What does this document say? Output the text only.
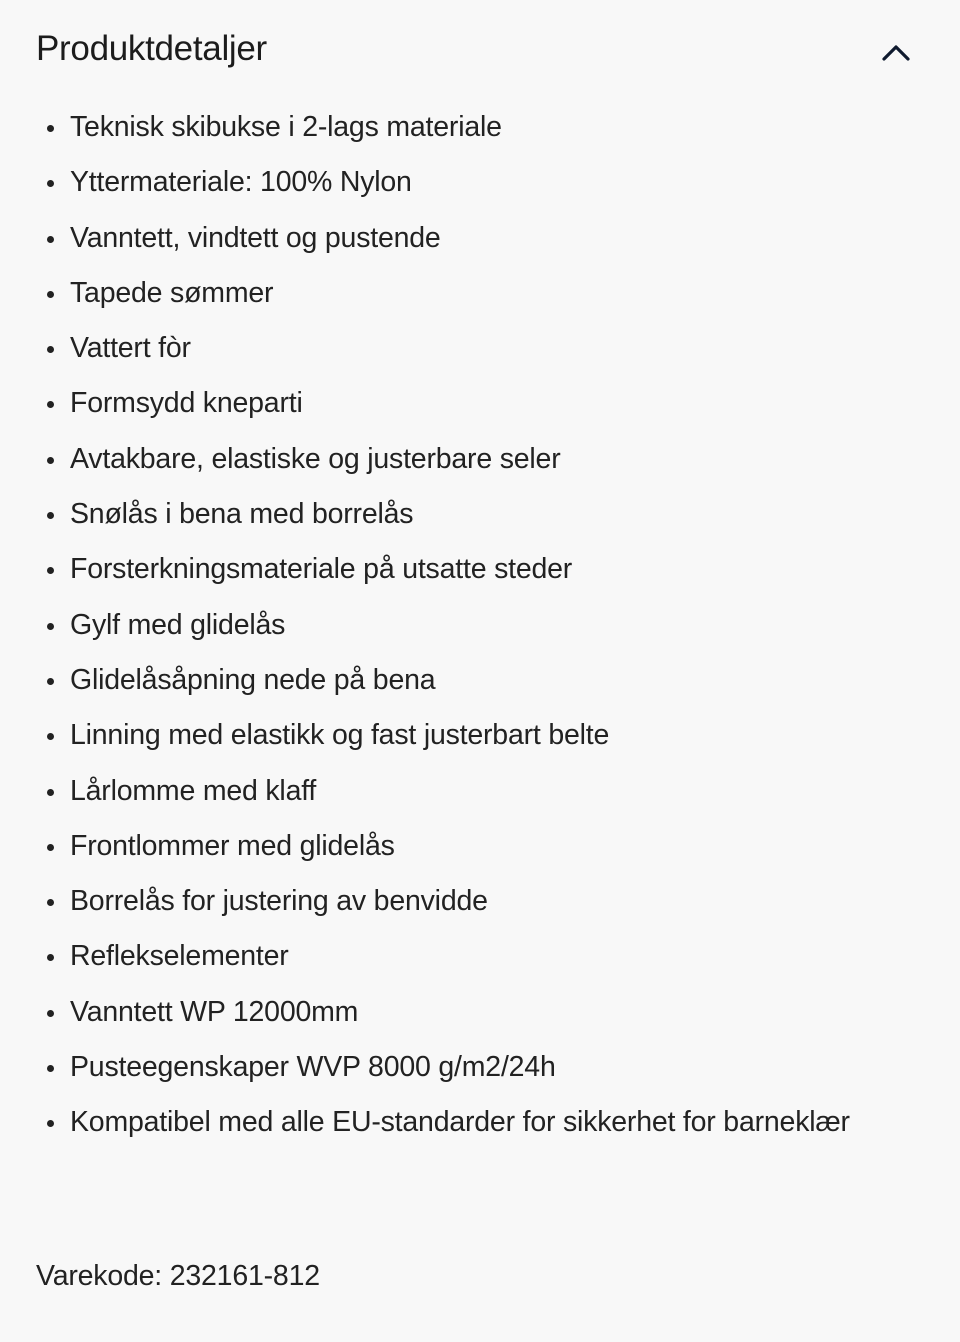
Produktdetaljer
Teknisk skibukse i 2-lags materiale
Yttermateriale: 100% Nylon
Vanntett, vindtett og pustende
Tapede sømmer
Vattert fòr
Formsydd kneparti
Avtakbare, elastiske og justerbare seler
Snølås i bena med borrelås
Forsterkningsmateriale på utsatte steder
Gylf med glidelås
Glidelåsåpning nede på bena
Linning med elastikk og fast justerbart belte
Lårlomme med klaff
Frontlommer med glidelås
Borrelås for justering av benvidde
Reflekselementer
Vanntett WP 12000mm
Pusteegenskaper WVP 8000 g/m2/24h
Kompatibel med alle EU-standarder for sikkerhet for barneklær
Varekode: 232161-812
